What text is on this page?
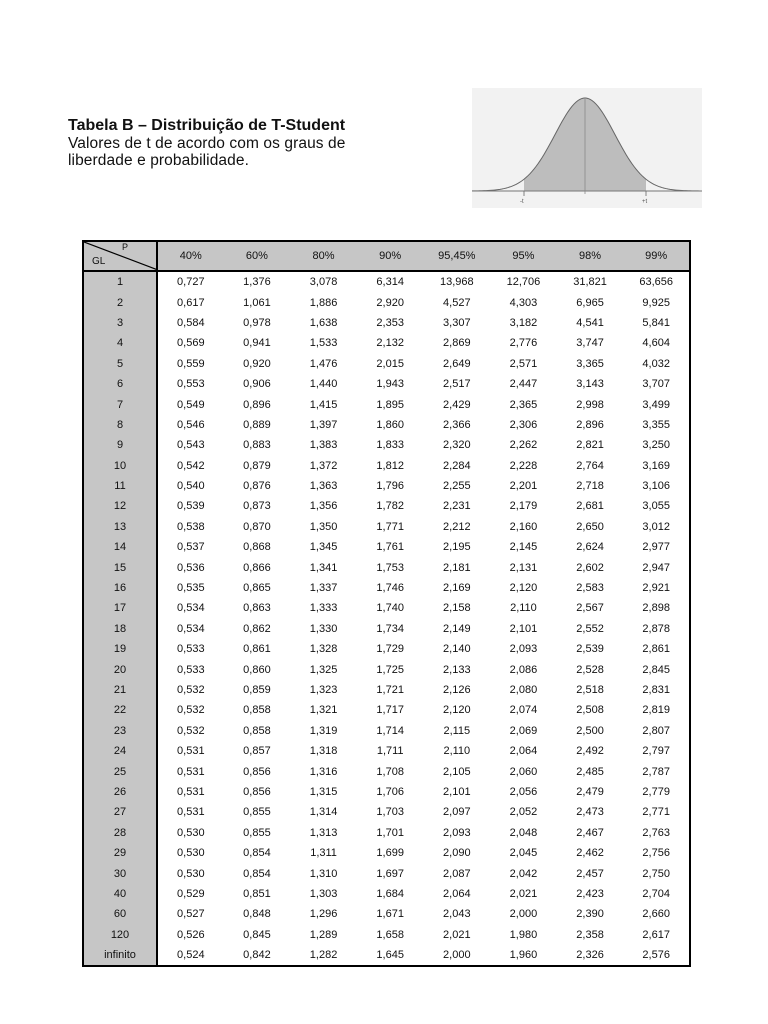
Tabela B – Distribuição de T-Student
Valores de t de acordo com os graus de
liberdade e probabilidade.
-t	+t
P
GL	40%	60%	80%	90%	95,45%	95%	98%	99%
1	0,727	1,376	3,078	6,314	13,968	12,706	31,821	63,656
2	0,617	1,061	1,886	2,920	4,527	4,303	6,965	9,925
3	0,584	0,978	1,638	2,353	3,307	3,182	4,541	5,841
4	0,569	0,941	1,533	2,132	2,869	2,776	3,747	4,604
5	0,559	0,920	1,476	2,015	2,649	2,571	3,365	4,032
6	0,553	0,906	1,440	1,943	2,517	2,447	3,143	3,707
7	0,549	0,896	1,415	1,895	2,429	2,365	2,998	3,499
8	0,546	0,889	1,397	1,860	2,366	2,306	2,896	3,355
9	0,543	0,883	1,383	1,833	2,320	2,262	2,821	3,250
10	0,542	0,879	1,372	1,812	2,284	2,228	2,764	3,169
11	0,540	0,876	1,363	1,796	2,255	2,201	2,718	3,106
12	0,539	0,873	1,356	1,782	2,231	2,179	2,681	3,055
13	0,538	0,870	1,350	1,771	2,212	2,160	2,650	3,012
14	0,537	0,868	1,345	1,761	2,195	2,145	2,624	2,977
15	0,536	0,866	1,341	1,753	2,181	2,131	2,602	2,947
16	0,535	0,865	1,337	1,746	2,169	2,120	2,583	2,921
17	0,534	0,863	1,333	1,740	2,158	2,110	2,567	2,898
18	0,534	0,862	1,330	1,734	2,149	2,101	2,552	2,878
19	0,533	0,861	1,328	1,729	2,140	2,093	2,539	2,861
20	0,533	0,860	1,325	1,725	2,133	2,086	2,528	2,845
21	0,532	0,859	1,323	1,721	2,126	2,080	2,518	2,831
22	0,532	0,858	1,321	1,717	2,120	2,074	2,508	2,819
23	0,532	0,858	1,319	1,714	2,115	2,069	2,500	2,807
24	0,531	0,857	1,318	1,711	2,110	2,064	2,492	2,797
25	0,531	0,856	1,316	1,708	2,105	2,060	2,485	2,787
26	0,531	0,856	1,315	1,706	2,101	2,056	2,479	2,779
27	0,531	0,855	1,314	1,703	2,097	2,052	2,473	2,771
28	0,530	0,855	1,313	1,701	2,093	2,048	2,467	2,763
29	0,530	0,854	1,311	1,699	2,090	2,045	2,462	2,756
30	0,530	0,854	1,310	1,697	2,087	2,042	2,457	2,750
40	0,529	0,851	1,303	1,684	2,064	2,021	2,423	2,704
60	0,527	0,848	1,296	1,671	2,043	2,000	2,390	2,660
120	0,526	0,845	1,289	1,658	2,021	1,980	2,358	2,617
infinito	0,524	0,842	1,282	1,645	2,000	1,960	2,326	2,576
